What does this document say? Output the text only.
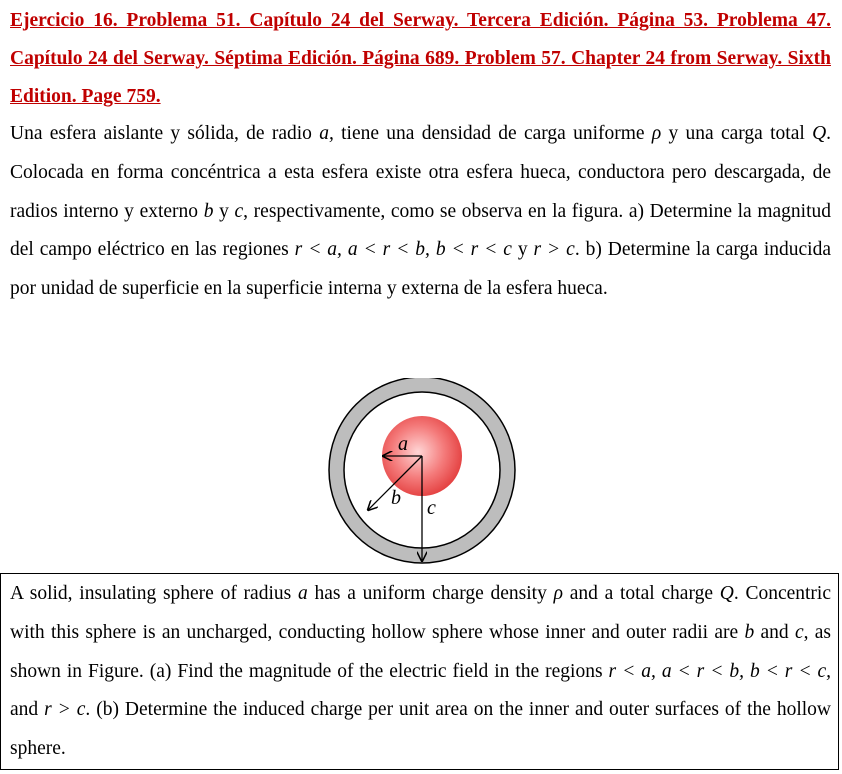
Ejercicio 16. Problema 51. Capítulo 24 del Serway. Tercera Edición. Página 53. Problema 47. Capítulo 24 del Serway. Séptima Edición. Página 689. Problem 57. Chapter 24 from Serway. Sixth Edition. Page 759.

Una esfera aislante y sólida, de radio a, tiene una densidad de carga uniforme ρ y una carga total Q. Colocada en forma concéntrica a esta esfera existe otra esfera hueca, conductora pero descargada, de radios interno y externo b y c, respectivamente, como se observa en la figura. a) Determine la magnitud del campo eléctrico en las regiones r < a, a < r < b, b < r < c y r > c. b) Determine la carga inducida por unidad de superficie en la superficie interna y externa de la esfera hueca.

a
b c

A solid, insulating sphere of radius a has a uniform charge density ρ and a total charge Q. Concentric with this sphere is an uncharged, conducting hollow sphere whose inner and outer radii are b and c, as shown in Figure. (a) Find the magnitude of the electric field in the regions r < a, a < r < b, b < r < c, and r > c. (b) Determine the induced charge per unit area on the inner and outer surfaces of the hollow sphere.
